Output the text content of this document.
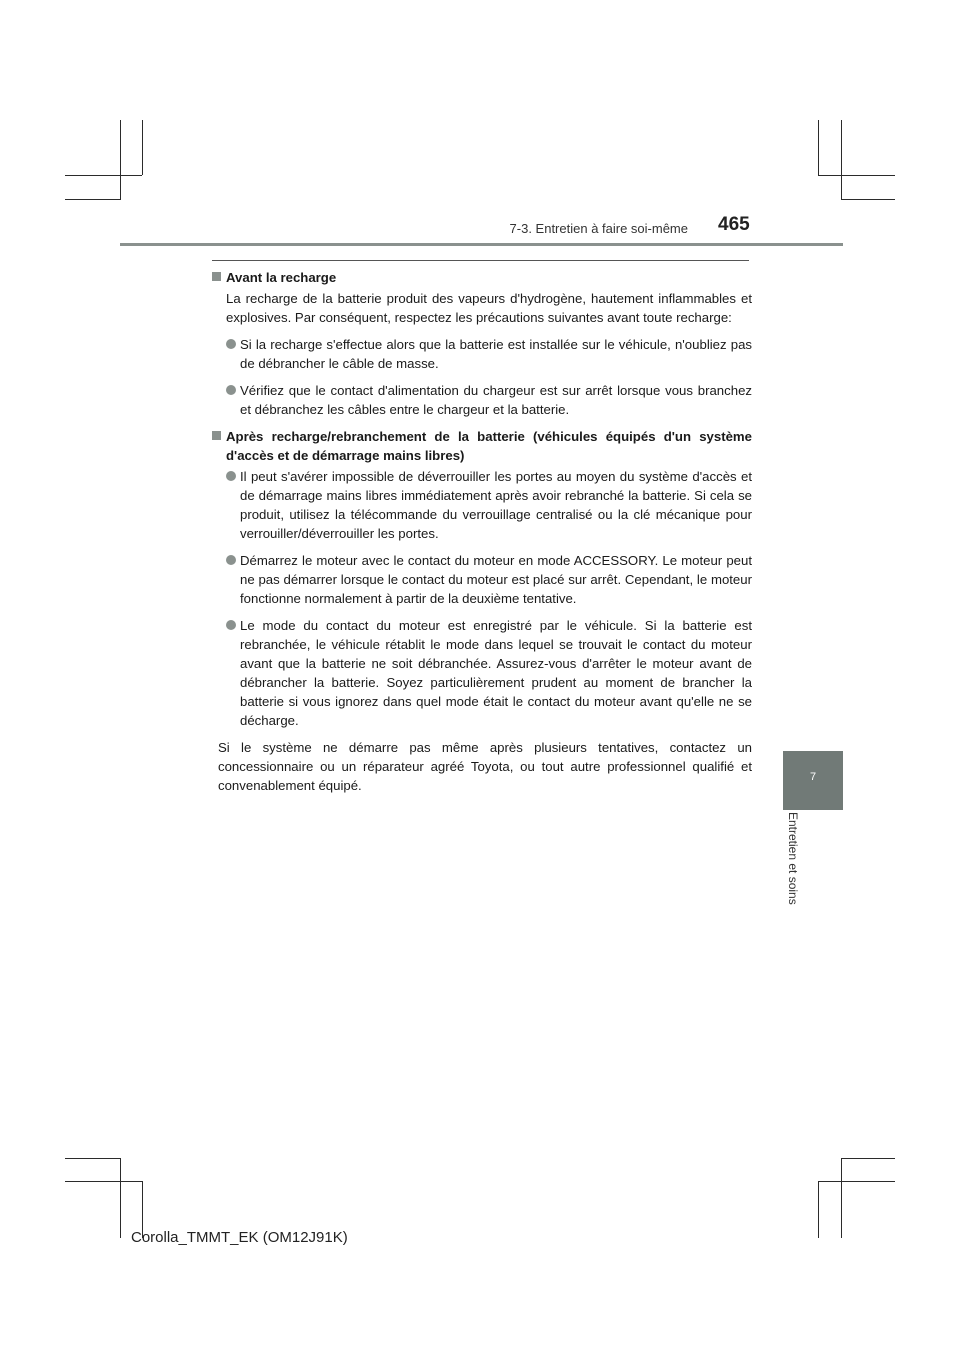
7-3. Entretien à faire soi-même 465
7
Entretien et soins
Avant la recharge
La recharge de la batterie produit des vapeurs d'hydrogène, hautement inflammables et explosives. Par conséquent, respectez les précautions suivantes avant toute recharge:
Si la recharge s'effectue alors que la batterie est installée sur le véhicule, n'oubliez pas de débrancher le câble de masse.
Vérifiez que le contact d'alimentation du chargeur est sur arrêt lorsque vous branchez et débranchez les câbles entre le chargeur et la batterie.
Après recharge/rebranchement de la batterie (véhicules équipés d'un système d'accès et de démarrage mains libres)
Il peut s'avérer impossible de déverrouiller les portes au moyen du système d'accès et de démarrage mains libres immédiatement après avoir rebranché la batterie. Si cela se produit, utilisez la télécommande du verrouillage centralisé ou la clé mécanique pour verrouiller/déverrouiller les portes.
Démarrez le moteur avec le contact du moteur en mode ACCESSORY. Le moteur peut ne pas démarrer lorsque le contact du moteur est placé sur arrêt. Cependant, le moteur fonctionne normalement à partir de la deuxième tentative.
Le mode du contact du moteur est enregistré par le véhicule. Si la batterie est rebranchée, le véhicule rétablit le mode dans lequel se trouvait le contact du moteur avant que la batterie ne soit débranchée. Assurez-vous d'arrêter le moteur avant de débrancher la batterie. Soyez particulièrement prudent au moment de brancher la batterie si vous ignorez dans quel mode était le contact du moteur avant qu'elle ne se décharge.
Si le système ne démarre pas même après plusieurs tentatives, contactez un concessionnaire ou un réparateur agréé Toyota, ou tout autre professionnel qualifié et convenablement équipé.
Corolla_TMMT_EK (OM12J91K)
